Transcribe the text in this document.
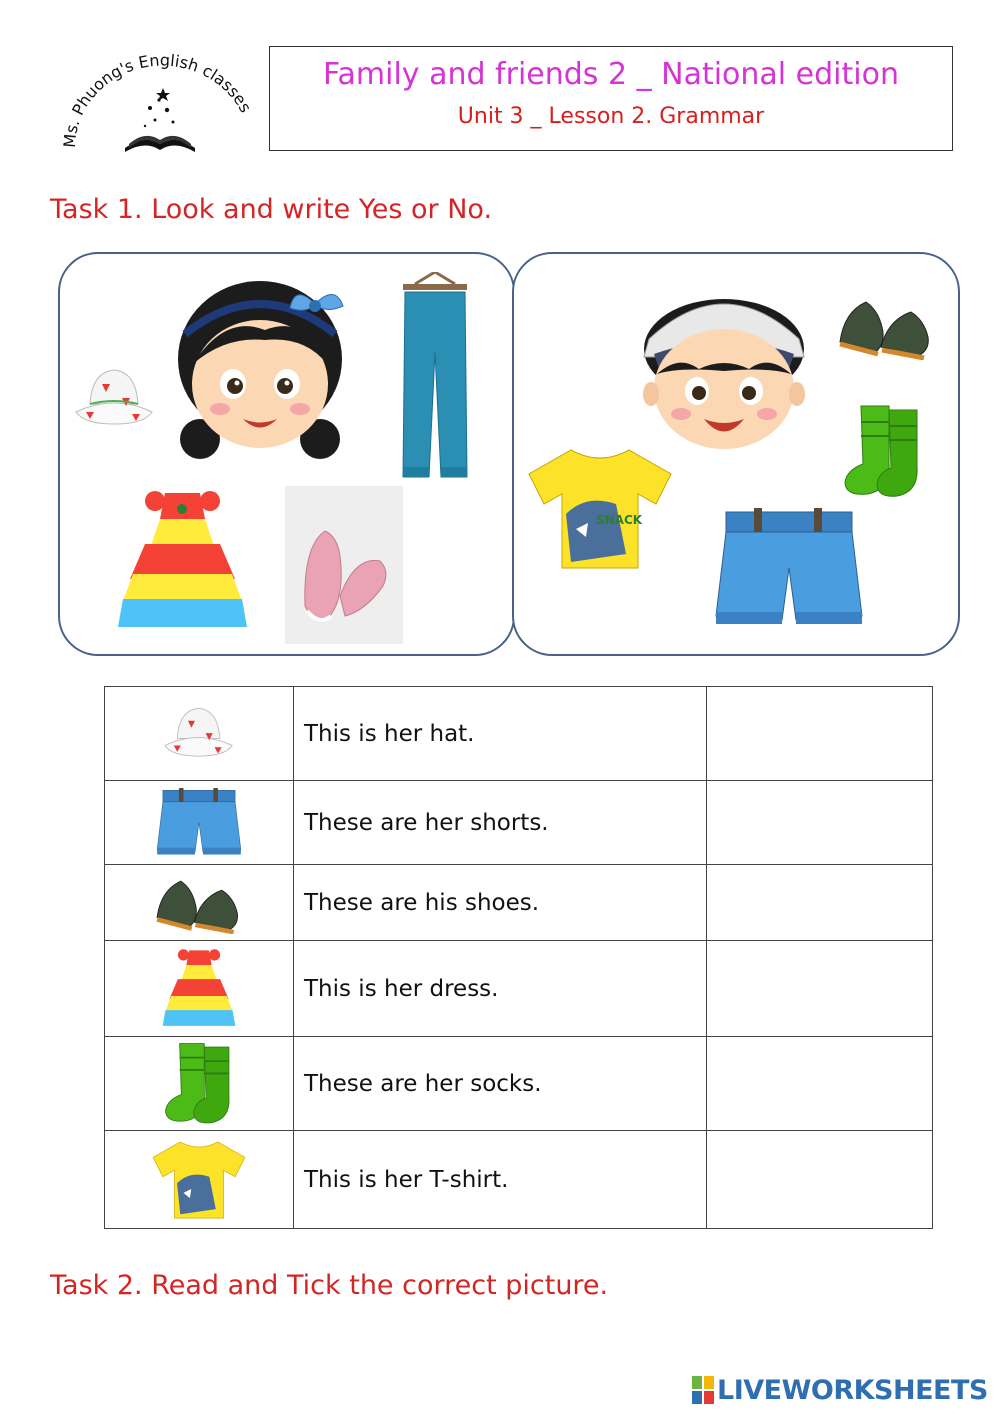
Ms. Phuong's English classes
Family and friends 2 _ National edition
Unit 3 _ Lesson 2. Grammar
Task 1. Look and write Yes or No.
SNACK
	This is her hat.	

	These are her shorts.	

	These are his shoes.	

	This is her dress.	

	These are her socks.	

	This is her T-shirt.	
Task 2. Read and Tick the correct picture.
LIVEWORKSHEETS
